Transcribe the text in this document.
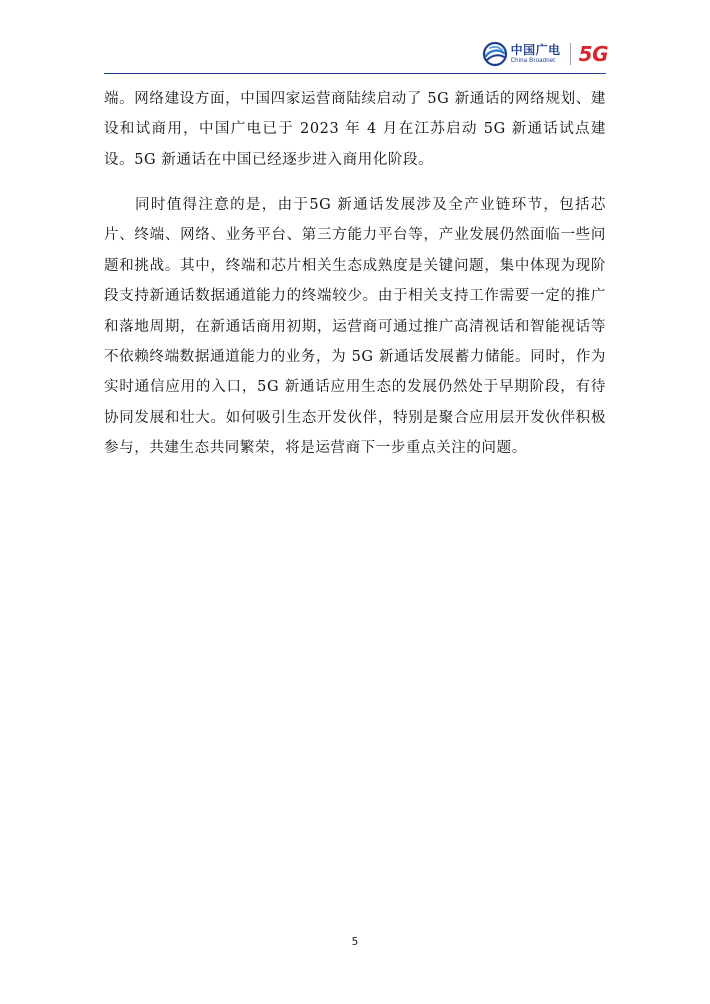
中国广电
China Broadnet 5G

端。网络建设方面，中国四家运营商陆续启动了 5G 新通话的网络规划、建设和试商用，中国广电已于 2023 年 4 月在江苏启动 5G 新通话试点建设。5G 新通话在中国已经逐步进入商用化阶段。

同时值得注意的是，由于5G 新通话发展涉及全产业链环节，包括芯片、终端、网络、业务平台、第三方能力平台等，产业发展仍然面临一些问题和挑战。其中，终端和芯片相关生态成熟度是关键问题，集中体现为现阶段支持新通话数据通道能力的终端较少。由于相关支持工作需要一定的推广和落地周期，在新通话商用初期，运营商可通过推广高清视话和智能视话等不依赖终端数据通道能力的业务，为 5G 新通话发展蓄力储能。同时，作为实时通信应用的入口，5G 新通话应用生态的发展仍然处于早期阶段，有待协同发展和壮大。如何吸引生态开发伙伴，特别是聚合应用层开发伙伴积极参与，共建生态共同繁荣，将是运营商下一步重点关注的问题。

5
